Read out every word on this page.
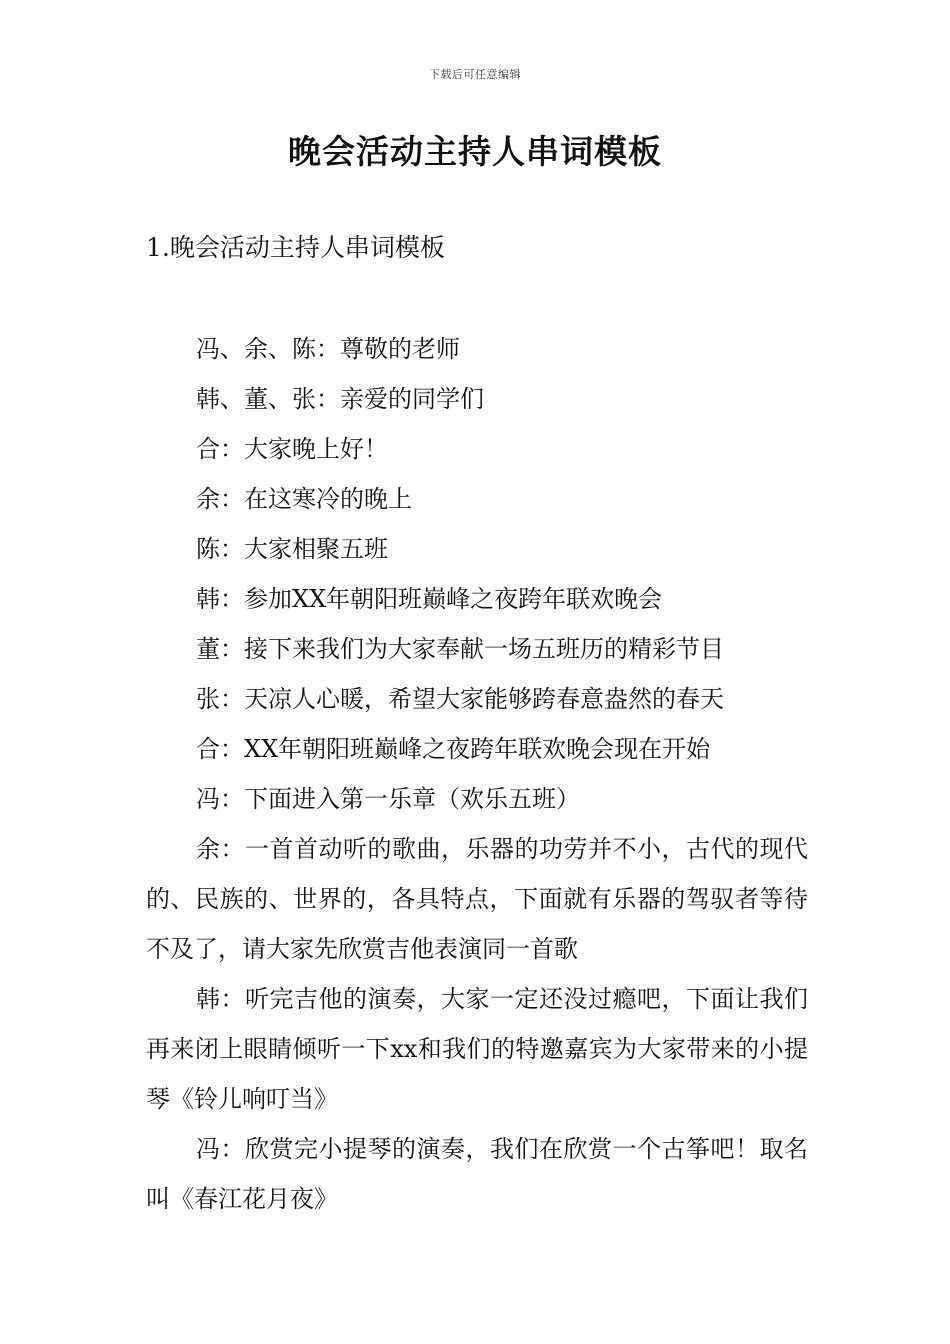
下载后可任意编辑
晚会活动主持人串词模板
1.晚会活动主持人串词模板

冯、余、陈：尊敬的老师

韩、董、张：亲爱的同学们

合：大家晚上好！

余：在这寒冷的晚上

陈：大家相聚五班

韩：参加XX年朝阳班巅峰之夜跨年联欢晚会

董：接下来我们为大家奉献一场五班历的精彩节目

张：天凉人心暖，希望大家能够跨春意盎然的春天

合：XX年朝阳班巅峰之夜跨年联欢晚会现在开始

冯：下面进入第一乐章（欢乐五班）

余：一首首动听的歌曲，乐器的功劳并不小，古代的现代的、民族的、世界的，各具特点，下面就有乐器的驾驭者等待不及了，请大家先欣赏吉他表演同一首歌

韩：听完吉他的演奏，大家一定还没过瘾吧，下面让我们再来闭上眼睛倾听一下xx和我们的特邀嘉宾为大家带来的小提琴《铃儿响叮当》

冯：欣赏完小提琴的演奏，我们在欣赏一个古筝吧！取名叫《春江花月夜》
